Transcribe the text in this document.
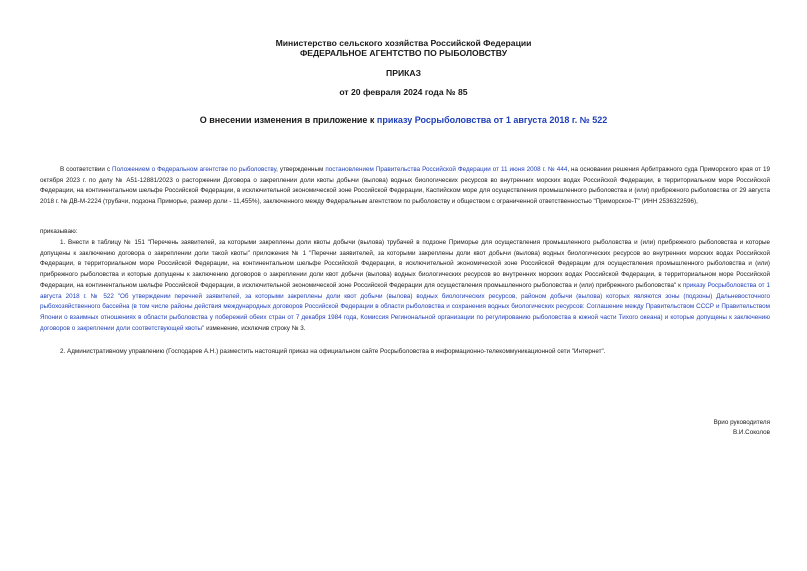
Министерство сельского хозяйства Российской Федерации
ФЕДЕРАЛЬНОЕ АГЕНТСТВО ПО РЫБОЛОВСТВУ
ПРИКАЗ
от 20 февраля 2024 года № 85
О внесении изменения в приложение к приказу Росрыболовства от 1 августа 2018 г. № 522
В соответствии с Положением о Федеральном агентстве по рыболовству, утвержденным постановлением Правительства Российской Федерации от 11 июня 2008 г. № 444, на основании решения Арбитражного суда Приморского края от 19 октября 2023 г. по делу № А51-12881/2023 о расторжении Договора о закреплении доли квоты добычи (вылова) водных биологических ресурсов во внутренних морских водах Российской Федерации, в территориальном море Российской Федерации, на континентальном шельфе Российской Федерации, в исключительной экономической зоне Российской Федерации, Каспийском море для осуществления промышленного рыболовства и (или) прибрежного рыболовства от 29 августа 2018 г. № ДВ-М-2224 (трубачи, подзона Приморье, размер доли - 11,455%), заключенного между Федеральным агентством по рыболовству и обществом с ограниченной ответственностью "Приморское-Т" (ИНН 2536322596),
приказываю:
1. Внести в таблицу № 151 "Перечень заявителей, за которыми закреплены доли квоты добычи (вылова) трубачей в подзоне Приморье для осуществления промышленного рыболовства и (или) прибрежного рыболовства и которые допущены к заключению договора о закреплении доли такой квоты" приложения № 1 "Перечни заявителей, за которыми закреплены доли квот добычи (вылова) водных биологических ресурсов во внутренних морских водах Российской Федерации, в территориальном море Российской Федерации, на континентальном шельфе Российской Федерации, в исключительной экономической зоне Российской Федерации для осуществления промышленного рыболовства и (или) прибрежного рыболовства и которые допущены к заключению договоров о закреплении доли квот добычи (вылова) водных биологических ресурсов во внутренних морских водах Российской Федерации, в территориальном море Российской Федерации, на континентальном шельфе Российской Федерации, в исключительной экономической зоне Российской Федерации для осуществления промышленного рыболовства и (или) прибрежного рыболовства" к приказу Росрыболовства от 1 августа 2018 г. № 522 "Об утверждении перечней заявителей, за которыми закреплены доли квот добычи (вылова) водных биологических ресурсов, районом добычи (вылова) которых являются зоны (подзоны) Дальневосточного рыбохозяйственного бассейна (в том числе районы действия международных договоров Российской Федерации в области рыболовства и сохранения водных биологических ресурсов: Соглашение между Правительством СССР и Правительством Японии о взаимных отношениях в области рыболовства у побережий обеих стран от 7 декабря 1984 года, Комиссия Регинональной организации по регулированию рыболовства в южной части Тихого океана) и которые допущены к заключению договоров о закреплении доли соответствующей квоты" изменение, исключив строку № 3.
2. Административному управлению (Господарев А.Н.) разместить настоящий приказ на официальном сайте Росрыболовства в информационно-телекоммуникационной сети "Интернет".
Врио руководителя
В.И.Соколов
